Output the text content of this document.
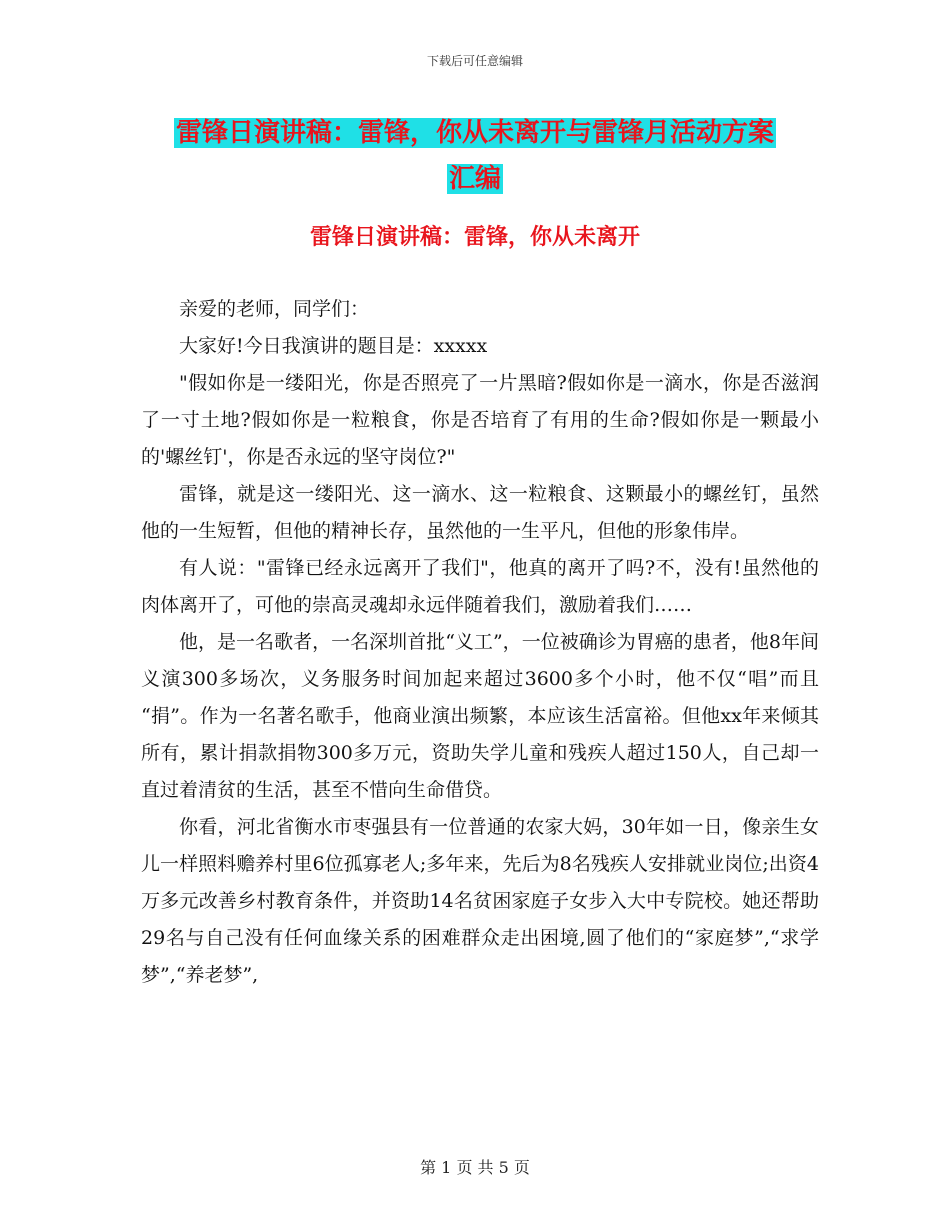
下载后可任意编辑
雷锋日演讲稿：雷锋，你从未离开与雷锋月活动方案
汇编
雷锋日演讲稿：雷锋，你从未离开

亲爱的老师，同学们：

大家好!今日我演讲的题目是：xxxxx

"假如你是一缕阳光，你是否照亮了一片黑暗?假如你是一滴水，你是否滋润了一寸土地?假如你是一粒粮食，你是否培育了有用的生命?假如你是一颗最小的'螺丝钉'，你是否永远的坚守岗位?"

雷锋，就是这一缕阳光、这一滴水、这一粒粮食、这颗最小的螺丝钉，虽然他的一生短暂，但他的精神长存，虽然他的一生平凡，但他的形象伟岸。

有人说："雷锋已经永远离开了我们"，他真的离开了吗?不，没有!虽然他的肉体离开了，可他的崇高灵魂却永远伴随着我们，激励着我们……

他，是一名歌者，一名深圳首批“义工”，一位被确诊为胃癌的患者，他8年间义演300多场次，义务服务时间加起来超过3600多个小时，他不仅“唱”而且 “捐”。作为一名著名歌手，他商业演出频繁，本应该生活富裕。但他xx年来倾其所有，累计捐款捐物300多万元，资助失学儿童和残疾人超过150人，自己却一直过着清贫的生活，甚至不惜向生命借贷。

你看，河北省衡水市枣强县有一位普通的农家大妈，30年如一日，像亲生女儿一样照料赡养村里6位孤寡老人;多年来，先后为8名残疾人安排就业岗位;出资4万多元改善乡村教育条件，并资助14名贫困家庭子女步入大中专院校。她还帮助29名与自己没有任何血缘关系的困难群众走出困境,圆了他们的“家庭梦”,“求学梦”,“养老梦”,

第 1 页 共 5 页
